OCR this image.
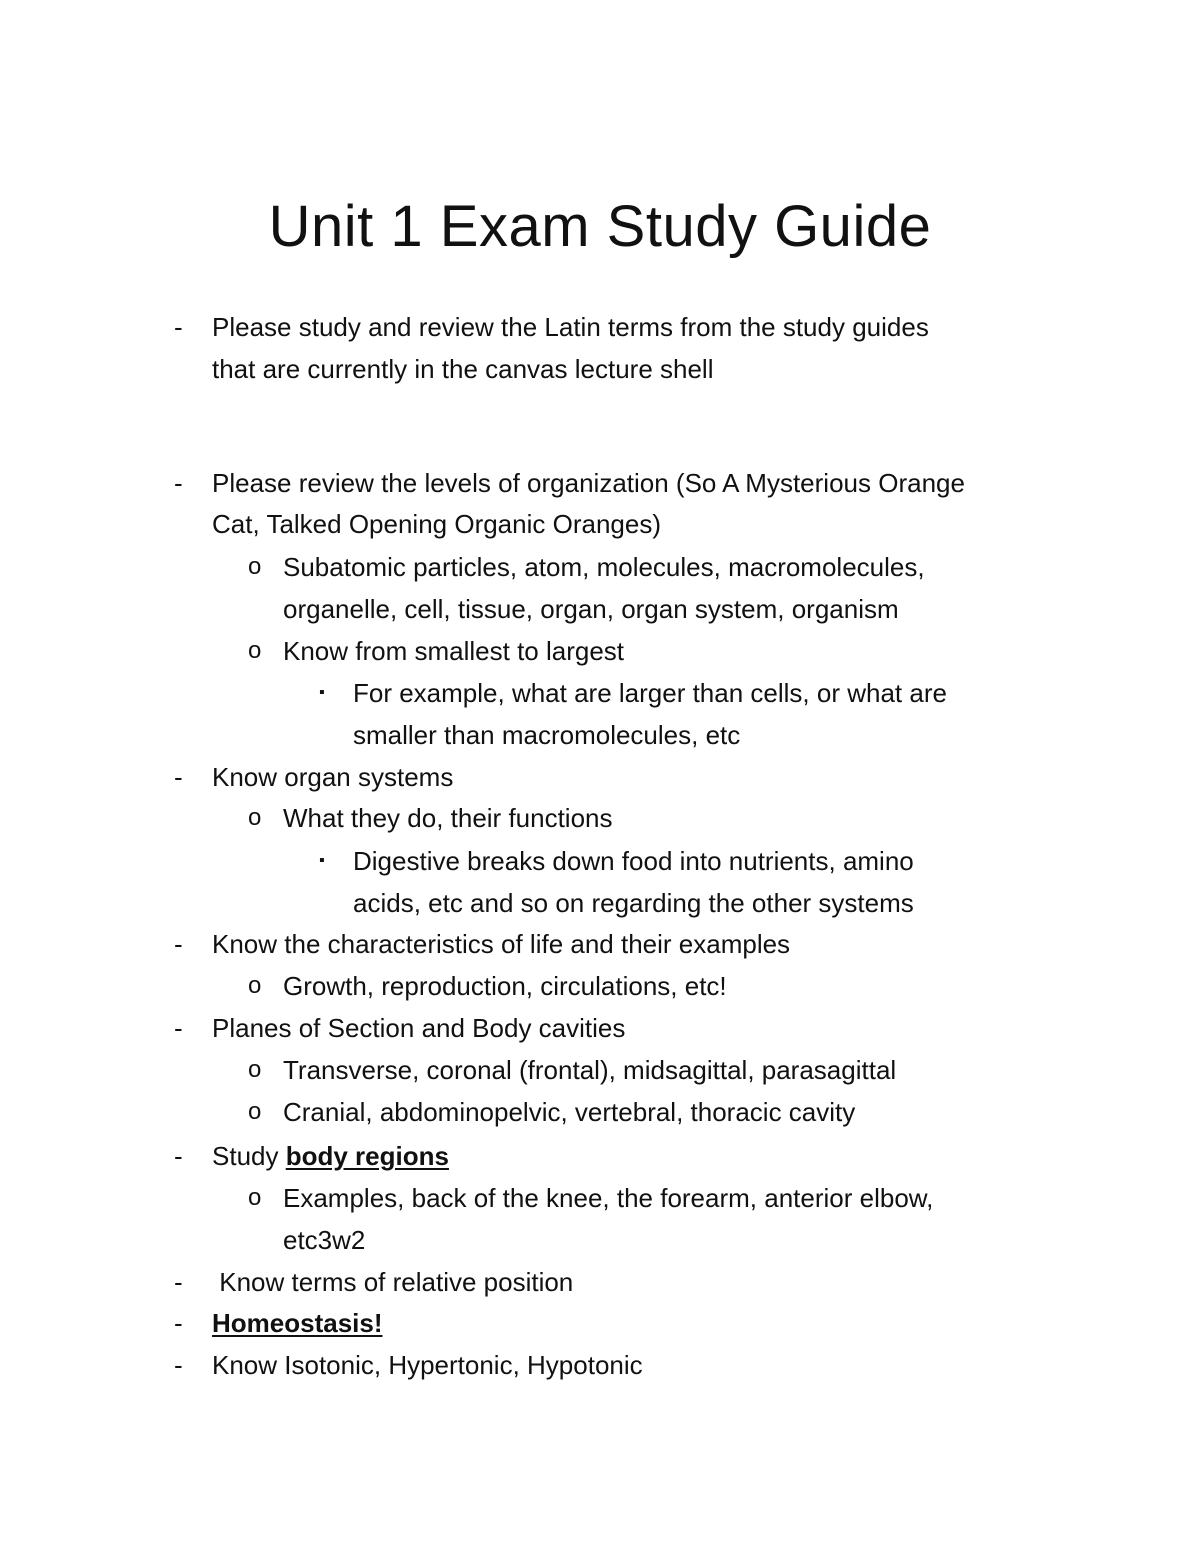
Unit 1 Exam Study Guide
- Please study and review the Latin terms from the study guides
that are currently in the canvas lecture shell
- Please review the levels of organization (So A Mysterious Orange
Cat, Talked Opening Organic Oranges)
o Subatomic particles, atom, molecules, macromolecules,
organelle, cell, tissue, organ, organ system, organism
o Know from smallest to largest
▪ For example, what are larger than cells, or what are
smaller than macromolecules, etc
- Know organ systems
o What they do, their functions
▪ Digestive breaks down food into nutrients, amino
acids, etc and so on regarding the other systems
- Know the characteristics of life and their examples
o Growth, reproduction, circulations, etc!
- Planes of Section and Body cavities
o Transverse, coronal (frontal), midsagittal, parasagittal
o Cranial, abdominopelvic, vertebral, thoracic cavity
- Study body regions
o Examples, back of the knee, the forearm, anterior elbow,
etc3w2
- Know terms of relative position
- Homeostasis!
- Know Isotonic, Hypertonic, Hypotonic
